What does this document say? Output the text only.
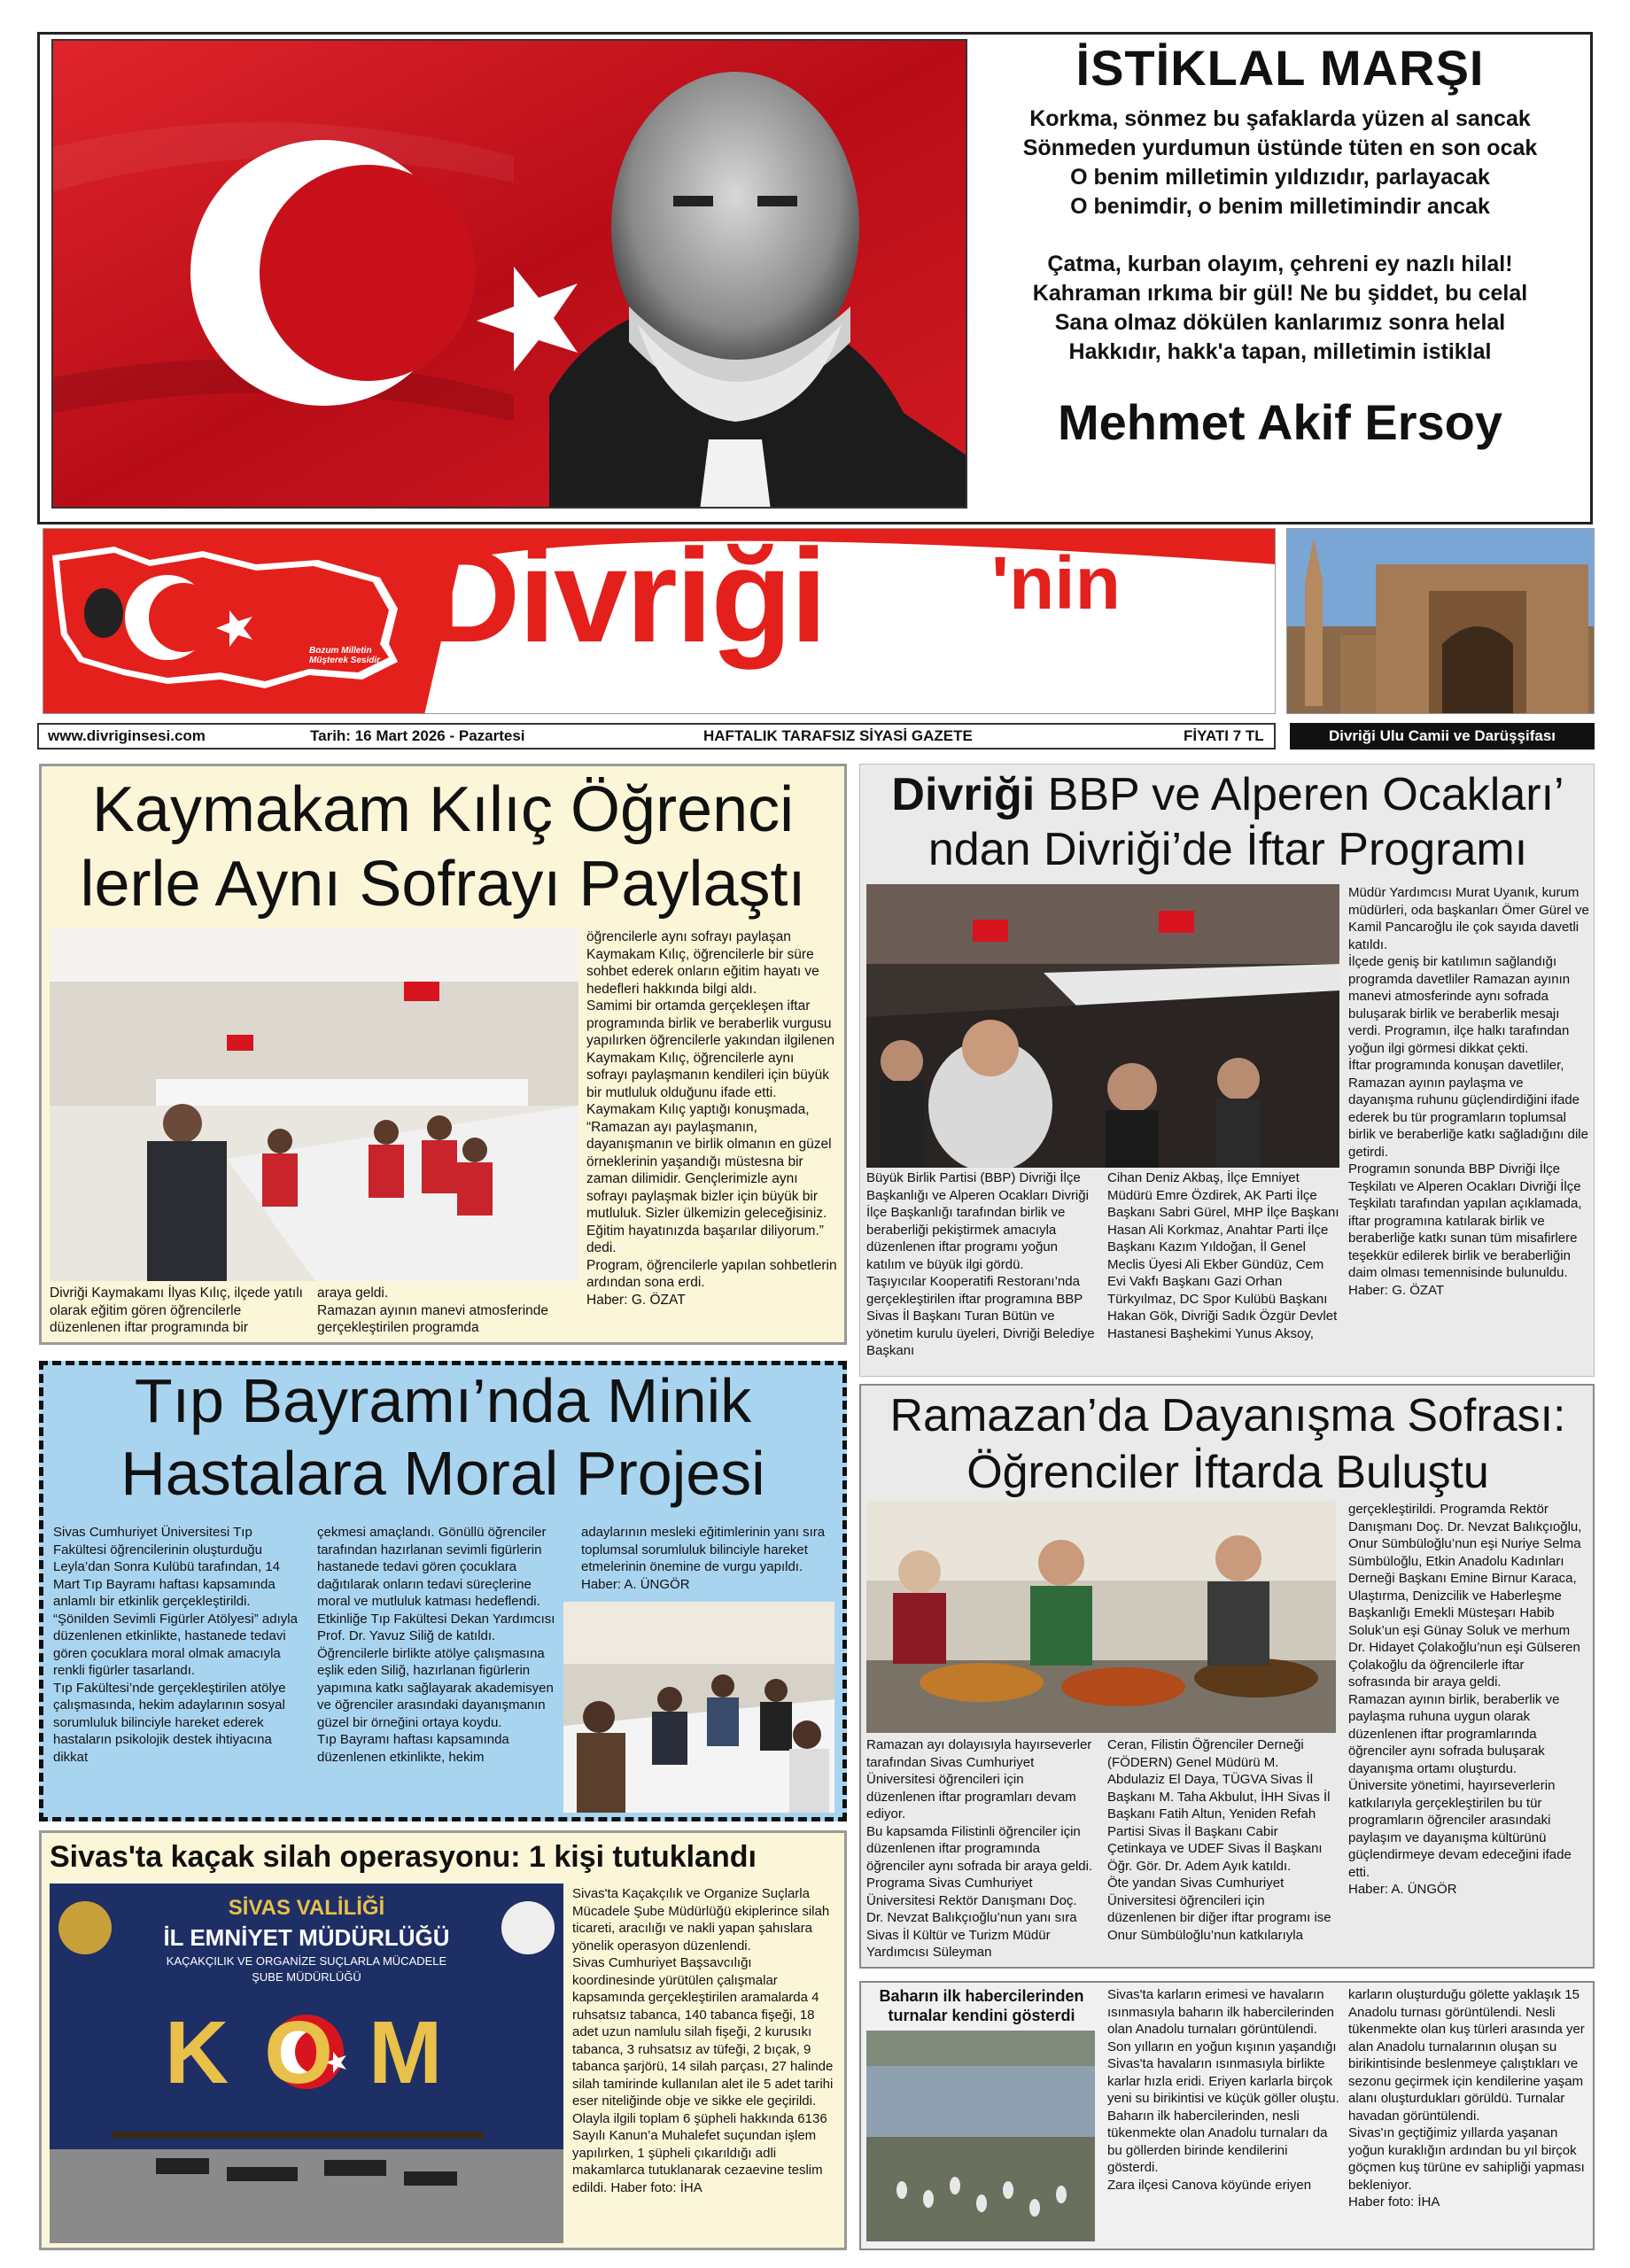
İSTİKLAL MARŞI
Korkma, sönmez bu şafaklarda yüzen al sancak
Sönmeden yurdumun üstünde tüten en son ocak
O benim milletimin yıldızıdır, parlayacak
O benimdir, o benim milletimindir ancak
Çatma, kurban olayım, çehreni ey nazlı hilal!
Kahraman ırkıma bir gül! Ne bu şiddet, bu celal
Sana olmaz dökülen kanlarımız sonra helal
Hakkıdır, hakk'a tapan, milletimin istiklal
Mehmet Akif Ersoy
Bozum Milletin Müşterek Sesidir Divriği 'nin
sesi
Etkin, Güvenilir, Doğru Haber
www.divriginsesi.com	Tarih: 16 Mart 2026 - Pazartesi	HAFTALIK TARAFSIZ SİYASİ GAZETE	FİYATI 7 TL	Divriği Ulu Camii ve Darüşşifası
Kaymakam Kılıç Öğrenci lerle Aynı Sofrayı Paylaştı
Divriği Kaymakamı İlyas Kılıç, ilçede yatılı olarak eğitim gören öğrencilerle düzenlenen iftar programında bir
araya geldi.
Ramazan ayının manevi atmosferinde gerçekleştirilen programda
öğrencilerle aynı sofrayı paylaşan Kaymakam Kılıç, öğrencilerle bir süre sohbet ederek onların eğitim hayatı ve hedefleri hakkında bilgi aldı.
Samimi bir ortamda gerçekleşen iftar programında birlik ve beraberlik vurgusu yapılırken öğrencilerle yakından ilgilenen Kaymakam Kılıç, öğrencilerle aynı sofrayı paylaşmanın kendileri için büyük bir mutluluk olduğunu ifade etti.
Kaymakam Kılıç yaptığı konuşmada, “Ramazan ayı paylaşmanın, dayanışmanın ve birlik olmanın en güzel örneklerinin yaşandığı müstesna bir zaman dilimidir. Gençlerimizle aynı sofrayı paylaşmak bizler için büyük bir mutluluk. Sizler ülkemizin geleceğisiniz. Eğitim hayatınızda başarılar diliyorum.” dedi.
Program, öğrencilerle yapılan sohbetlerin ardından sona erdi.
Haber: G. ÖZAT
Divriği BBP ve Alperen Ocakları’ ndan Divriği’de İftar Programı
Büyük Birlik Partisi (BBP) Divriği İlçe Başkanlığı ve Alperen Ocakları Divriği İlçe Başkanlığı tarafından birlik ve beraberliği pekiştirmek amacıyla düzenlenen iftar programı yoğun katılım ve büyük ilgi gördü.
Taşıyıcılar Kooperatifi Restoranı’nda gerçekleştirilen iftar programına BBP Sivas İl Başkanı Turan Bütün ve yönetim kurulu üyeleri, Divriği Belediye Başkanı
Cihan Deniz Akbaş, İlçe Emniyet Müdürü Emre Özdirek, AK Parti İlçe Başkanı Sabri Gürel, MHP İlçe Başkanı Hasan Ali Korkmaz, Anahtar Parti İlçe Başkanı Kazım Yıldoğan, İl Genel Meclis Üyesi Ali Ekber Gündüz, Cem Evi Vakfı Başkanı Gazi Orhan Türkyılmaz, DC Spor Kulübü Başkanı Hakan Gök, Divriği Sadık Özgür Devlet Hastanesi Başhekimi Yunus Aksoy,
Müdür Yardımcısı Murat Uyanık, kurum müdürleri, oda başkanları Ömer Gürel ve Kamil Pancaroğlu ile çok sayıda davetli katıldı.
İlçede geniş bir katılımın sağlandığı programda davetliler Ramazan ayının manevi atmosferinde aynı sofrada buluşarak birlik ve beraberlik mesajı verdi. Programın, ilçe halkı tarafından yoğun ilgi görmesi dikkat çekti.
İftar programında konuşan davetliler, Ramazan ayının paylaşma ve dayanışma ruhunu güçlendirdiğini ifade ederek bu tür programların toplumsal birlik ve beraberliğe katkı sağladığını dile getirdi.
Programın sonunda BBP Divriği İlçe Teşkilatı ve Alperen Ocakları Divriği İlçe Teşkilatı tarafından yapılan açıklamada, iftar programına katılarak birlik ve beraberliğe katkı sunan tüm misafirlere teşekkür edilerek birlik ve beraberliğin daim olması temennisinde bulunuldu. Haber: G. ÖZAT
Tıp Bayramı’nda Minik Hastalara Moral Projesi
Sivas Cumhuriyet Üniversitesi Tıp Fakültesi öğrencilerinin oluşturduğu Leyla’dan Sonra Kulübü tarafından, 14 Mart Tıp Bayramı haftası kapsamında anlamlı bir etkinlik gerçekleştirildi.
“Şönilden Sevimli Figürler Atölyesi” adıyla düzenlenen etkinlikte, hastanede tedavi gören çocuklara moral olmak amacıyla renkli figürler tasarlandı.
Tıp Fakültesi’nde gerçekleştirilen atölye çalışmasında, hekim adaylarının sosyal sorumluluk bilinciyle hareket ederek hastaların psikolojik destek ihtiyacına dikkat
çekmesi amaçlandı. Gönüllü öğrenciler tarafından hazırlanan sevimli figürlerin hastanede tedavi gören çocuklara dağıtılarak onların tedavi süreçlerine moral ve mutluluk katması hedeflendi.
Etkinliğe Tıp Fakültesi Dekan Yardımcısı Prof. Dr. Yavuz Siliğ de katıldı. Öğrencilerle birlikte atölye çalışmasına eşlik eden Siliğ, hazırlanan figürlerin yapımına katkı sağlayarak akademisyen ve öğrenciler arasındaki dayanışmanın güzel bir örneğini ortaya koydu.
Tıp Bayramı haftası kapsamında düzenlenen etkinlikte, hekim
adaylarının mesleki eğitimlerinin yanı sıra toplumsal sorumluluk bilinciyle hareket etmelerinin önemine de vurgu yapıldı. Haber: A. ÜNGÖR
Ramazan’da Dayanışma Sofrası: Öğrenciler İftarda Buluştu
Ramazan ayı dolayısıyla hayırseverler tarafından Sivas Cumhuriyet Üniversitesi öğrencileri için düzenlenen iftar programları devam ediyor.
Bu kapsamda Filistinli öğrenciler için düzenlenen iftar programında öğrenciler aynı sofrada bir araya geldi. Programa Sivas Cumhuriyet Üniversitesi Rektör Danışmanı Doç. Dr. Nevzat Balıkçıoğlu’nun yanı sıra Sivas İl Kültür ve Turizm Müdür Yardımcısı Süleyman
Ceran, Filistin Öğrenciler Derneği (FÖDERN) Genel Müdürü M. Abdulaziz El Daya, TÜGVA Sivas İl Başkanı M. Taha Akbulut, İHH Sivas İl Başkanı Fatih Altun, Yeniden Refah Partisi Sivas İl Başkanı Cabir Çetinkaya ve UDEF Sivas İl Başkanı Öğr. Gör. Dr. Adem Ayık katıldı.
Öte yandan Sivas Cumhuriyet Üniversitesi öğrencileri için düzenlenen bir diğer iftar programı ise Onur Sümbüloğlu’nun katkılarıyla
gerçekleştirildi. Programda Rektör Danışmanı Doç. Dr. Nevzat Balıkçıoğlu, Onur Sümbüloğlu’nun eşi Nuriye Selma Sümbüloğlu, Etkin Anadolu Kadınları Derneği Başkanı Emine Birnur Karaca, Ulaştırma, Denizcilik ve Haberleşme Başkanlığı Emekli Müsteşarı Habib Soluk’un eşi Günay Soluk ve merhum Dr. Hidayet Çolakoğlu’nun eşi Gülseren Çolakoğlu da öğrencilerle iftar sofrasında bir araya geldi.
Ramazan ayının birlik, beraberlik ve paylaşma ruhuna uygun olarak düzenlenen iftar programlarında öğrenciler aynı sofrada buluşarak dayanışma ortamı oluşturdu.
Üniversite yönetimi, hayırseverlerin katkılarıyla gerçekleştirilen bu tür programların öğrenciler arasındaki paylaşım ve dayanışma kültürünü güçlendirmeye devam edeceğini ifade etti.
Haber: A. ÜNGÖR
Sivas'ta kaçak silah operasyonu: 1 kişi tutuklandı
SİVAS VALİLİĞİ
İL EMNİYET MÜDÜRLÜĞÜ
KAÇAKÇILIK VE ORGANİZE SUÇLARLA MÜCADELE
ŞUBE MÜDÜRLÜĞÜ
KOM
Sivas'ta Kaçakçılık ve Organize Suçlarla Mücadele Şube Müdürlüğü ekiplerince silah ticareti, aracılığı ve nakli yapan şahıslara yönelik operasyon düzenlendi.
Sivas Cumhuriyet Başsavcılığı koordinesinde yürütülen çalışmalar kapsamında gerçekleştirilen aramalarda 4 ruhsatsız tabanca, 140 tabanca fişeği, 18 adet uzun namlulu silah fişeği, 2 kurusıkı tabanca, 3 ruhsatsız av tüfeği, 2 bıçak, 9 tabanca şarjörü, 14 silah parçası, 27 halinde silah tamirinde kullanılan alet ile 5 adet tarihi eser niteliğinde obje ve sikke ele geçirildi.
Olayla ilgili toplam 6 şüpheli hakkında 6136 Sayılı Kanun’a Muhalefet suçundan işlem yapılırken, 1 şüpheli çıkarıldığı adli makamlarca tutuklanarak cezaevine teslim edildi. Haber foto: İHA
Baharın ilk habercilerinden turnalar kendini gösterdi
Sivas'ta karların erimesi ve havaların ısınmasıyla baharın ilk habercilerinden olan Anadolu turnaları görüntülendi.
Son yılların en yoğun kışının yaşandığı Sivas'ta havaların ısınmasıyla birlikte karlar hızla eridi. Eriyen karlarla birçok yeni su birikintisi ve küçük göller oluştu.
Baharın ilk habercilerinden, nesli tükenmekte olan Anadolu turnaları da bu göllerden birinde kendilerini gösterdi.
Zara ilçesi Canova köyünde eriyen
karların oluşturduğu gölette yaklaşık 15 Anadolu turnası görüntülendi. Nesli tükenmekte olan kuş türleri arasında yer alan Anadolu turnalarının oluşan su birikintisinde beslenmeye çalıştıkları ve sezonu geçirmek için kendilerine yaşam alanı oluşturdukları görüldü. Turnalar havadan görüntülendi.
Sivas'ın geçtiğimiz yıllarda yaşanan yoğun kuraklığın ardından bu yıl birçok göçmen kuş türüne ev sahipliği yapması bekleniyor.
Haber foto: İHA
